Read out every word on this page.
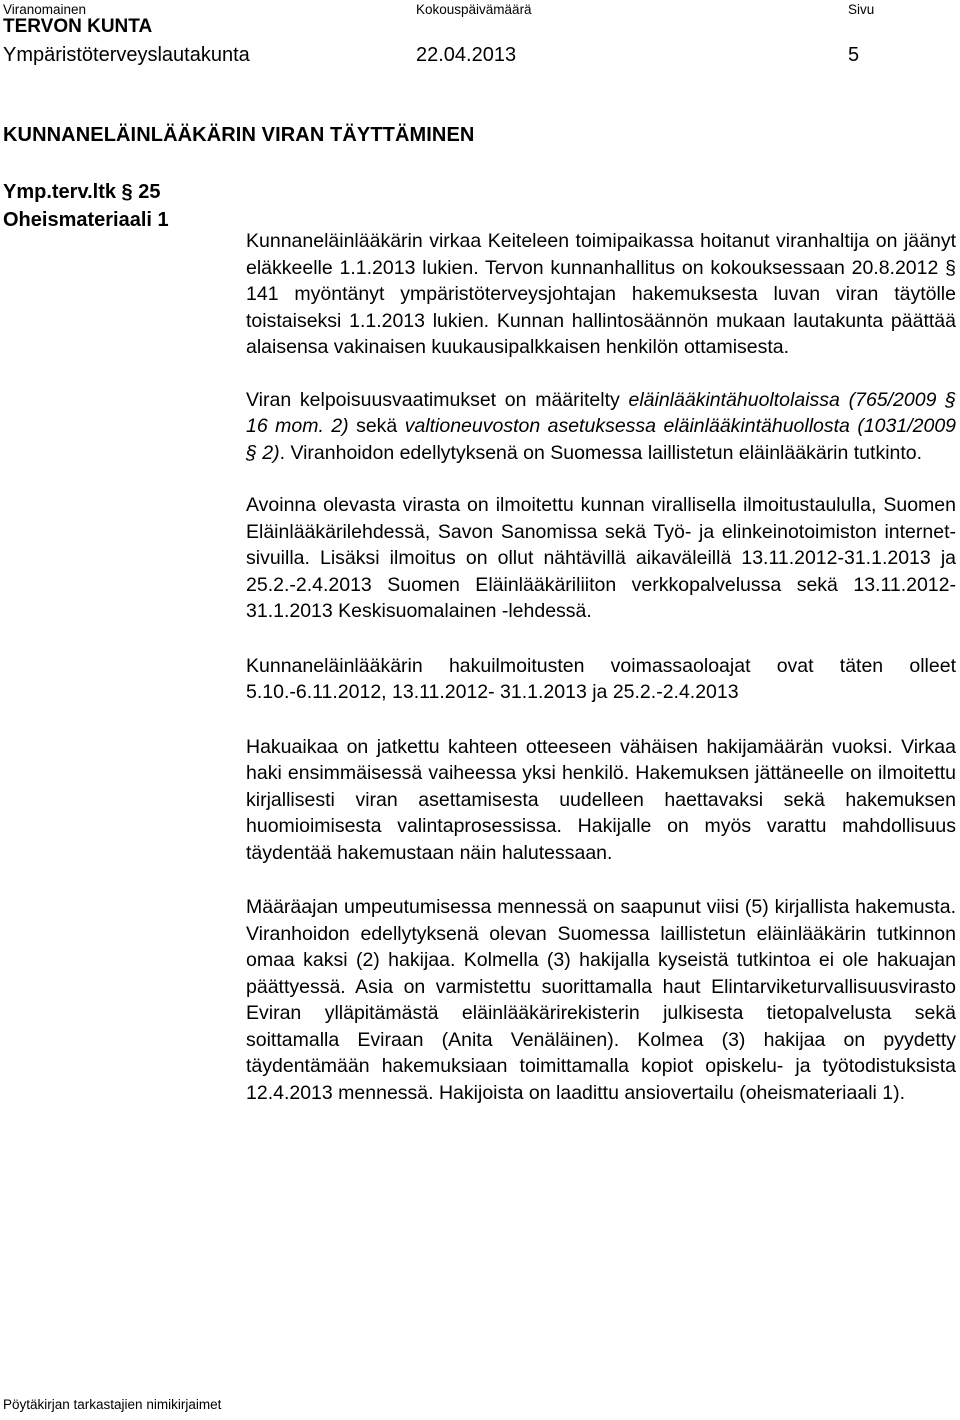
Viranomainen	Kokouspäivämäärä	Sivu
TERVON KUNTA
Ympäristöterveyslautakunta	22.04.2013	5
KUNNANELÄINLÄÄKÄRIN VIRAN TÄYTTÄMINEN
Ymp.terv.ltk § 25
Oheismateriaali 1

Kunnaneläinlääkärin virkaa Keiteleen toimipaikassa hoitanut viranhaltija on jäänyt eläkkeelle 1.1.2013 lukien. Tervon kunnanhallitus on kokouksessaan 20.8.2012 § 141 myöntänyt ympäristöterveysjohtajan hakemuksesta luvan viran täytölle toistaiseksi 1.1.2013 lukien. Kunnan hallintosäännön mukaan lautakunta päättää alaisensa vakinaisen kuukausipalkkaisen henkilön ottamisesta.

Viran kelpoisuusvaatimukset on määritelty eläinlääkintähuoltolaissa (765/2009 § 16 mom. 2) sekä valtioneuvoston asetuksessa eläinlääkintähuollosta (1031/2009 § 2). Viranhoidon edellytyksenä on Suomessa laillistetun eläinlääkärin tutkinto.

Avoinna olevasta virasta on ilmoitettu kunnan virallisella ilmoitustaululla, Suomen Eläinlääkärilehdessä, Savon Sanomissa sekä Työ- ja elinkeinotoimiston internet-sivuilla. Lisäksi ilmoitus on ollut nähtävillä aikaväleillä 13.11.2012-31.1.2013 ja 25.2.-2.4.2013 Suomen Eläinlääkäriliiton verkkopalvelussa sekä 13.11.2012- 31.1.2013 Keskisuomalainen -lehdessä.

Kunnaneläinlääkärin hakuilmoitusten voimassaoloajat ovat täten olleet 5.10.-6.11.2012, 13.11.2012- 31.1.2013 ja 25.2.-2.4.2013

Hakuaikaa on jatkettu kahteen otteeseen vähäisen hakijamäärän vuoksi. Virkaa haki ensimmäisessä vaiheessa yksi henkilö. Hakemuksen jättäneelle on ilmoitettu kirjallisesti viran asettamisesta uudelleen haettavaksi sekä hakemuksen huomioimisesta valintaprosessissa. Hakijalle on myös varattu mahdollisuus täydentää hakemustaan näin halutessaan.

Määräajan umpeutumisessa mennessä on saapunut viisi (5) kirjallista hakemusta. Viranhoidon edellytyksenä olevan Suomessa laillistetun eläinlääkärin tutkinnon omaa kaksi (2) hakijaa. Kolmella (3) hakijalla kyseistä tutkintoa ei ole hakuajan päättyessä. Asia on varmistettu suorittamalla haut Elintarviketurvallisuusvirasto Eviran ylläpitämästä eläinlääkärirekisterin julkisesta tietopalvelusta sekä soittamalla Eviraan (Anita Venäläinen). Kolmea (3) hakijaa on pyydetty täydentämään hakemuksiaan toimittamalla kopiot opiskelu- ja työtodistuksista 12.4.2013 mennessä. Hakijoista on laadittu ansiovertailu (oheismateriaali 1).

Pöytäkirjan tarkastajien nimikirjaimet
